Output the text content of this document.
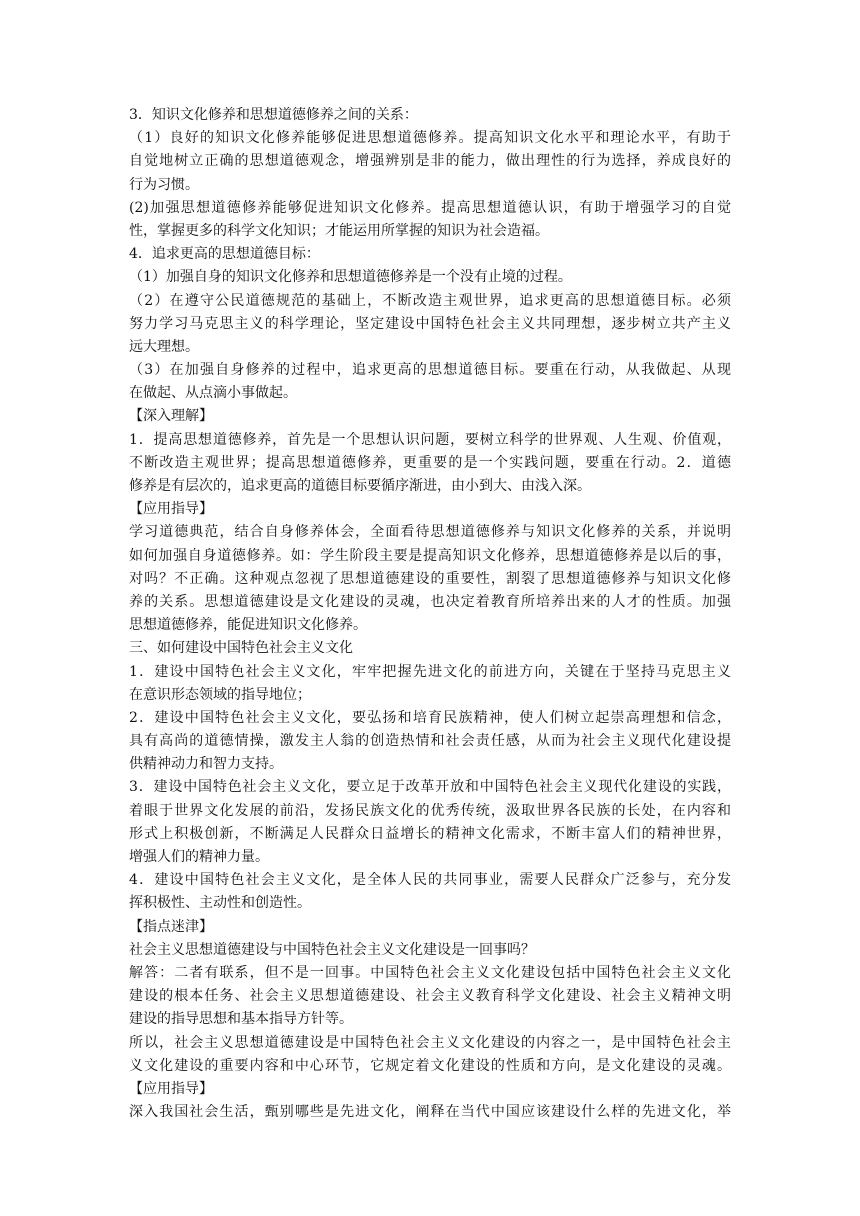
3．知识文化修养和思想道德修养之间的关系：
（1）良好的知识文化修养能够促进思想道德修养。提高知识文化水平和理论水平，有助于
自觉地树立正确的思想道德观念，增强辨别是非的能力，做出理性的行为选择，养成良好的
行为习惯。
(2)加强思想道德修养能够促进知识文化修养。提高思想道德认识，有助于增强学习的自觉
性，掌握更多的科学文化知识；才能运用所掌握的知识为社会造福。
4．追求更高的思想道德目标：
（1）加强自身的知识文化修养和思想道德修养是一个没有止境的过程。
（2）在遵守公民道德规范的基础上，不断改造主观世界，追求更高的思想道德目标。必须
努力学习马克思主义的科学理论，坚定建设中国特色社会主义共同理想，逐步树立共产主义
远大理想。
（3）在加强自身修养的过程中，追求更高的思想道德目标。要重在行动，从我做起、从现
在做起、从点滴小事做起。
【深入理解】
1．提高思想道德修养，首先是一个思想认识问题，要树立科学的世界观、人生观、价值观，
不断改造主观世界；提高思想道德修养，更重要的是一个实践问题，要重在行动。2．道德
修养是有层次的，追求更高的道德目标要循序渐进，由小到大、由浅入深。
【应用指导】
学习道德典范，结合自身修养体会，全面看待思想道德修养与知识文化修养的关系，并说明
如何加强自身道德修养。如：学生阶段主要是提高知识文化修养，思想道德修养是以后的事，
对吗？不正确。这种观点忽视了思想道德建设的重要性，割裂了思想道德修养与知识文化修
养的关系。思想道德建设是文化建设的灵魂，也决定着教育所培养出来的人才的性质。加强
思想道德修养，能促进知识文化修养。
三、如何建设中国特色社会主义文化
1．建设中国特色社会主义文化，牢牢把握先进文化的前进方向，关键在于坚持马克思主义
在意识形态领域的指导地位；
2．建设中国特色社会主义文化，要弘扬和培育民族精神，使人们树立起崇高理想和信念，
具有高尚的道德情操，激发主人翁的创造热情和社会责任感，从而为社会主义现代化建设提
供精神动力和智力支持。
3．建设中国特色社会主义文化，要立足于改革开放和中国特色社会主义现代化建设的实践，
着眼于世界文化发展的前沿，发扬民族文化的优秀传统，汲取世界各民族的长处，在内容和
形式上积极创新，不断满足人民群众日益增长的精神文化需求，不断丰富人们的精神世界，
增强人们的精神力量。
4．建设中国特色社会主义文化，是全体人民的共同事业，需要人民群众广泛参与，充分发
挥积极性、主动性和创造性。
【指点迷津】
社会主义思想道德建设与中国特色社会主义文化建设是一回事吗？
解答：二者有联系，但不是一回事。中国特色社会主义文化建设包括中国特色社会主义文化
建设的根本任务、社会主义思想道德建设、社会主义教育科学文化建设、社会主义精神文明
建设的指导思想和基本指导方针等。
所以，社会主义思想道德建设是中国特色社会主义文化建设的内容之一，是中国特色社会主
义文化建设的重要内容和中心环节，它规定着文化建设的性质和方向，是文化建设的灵魂。
【应用指导】
深入我国社会生活，甄别哪些是先进文化，阐释在当代中国应该建设什么样的先进文化，举
